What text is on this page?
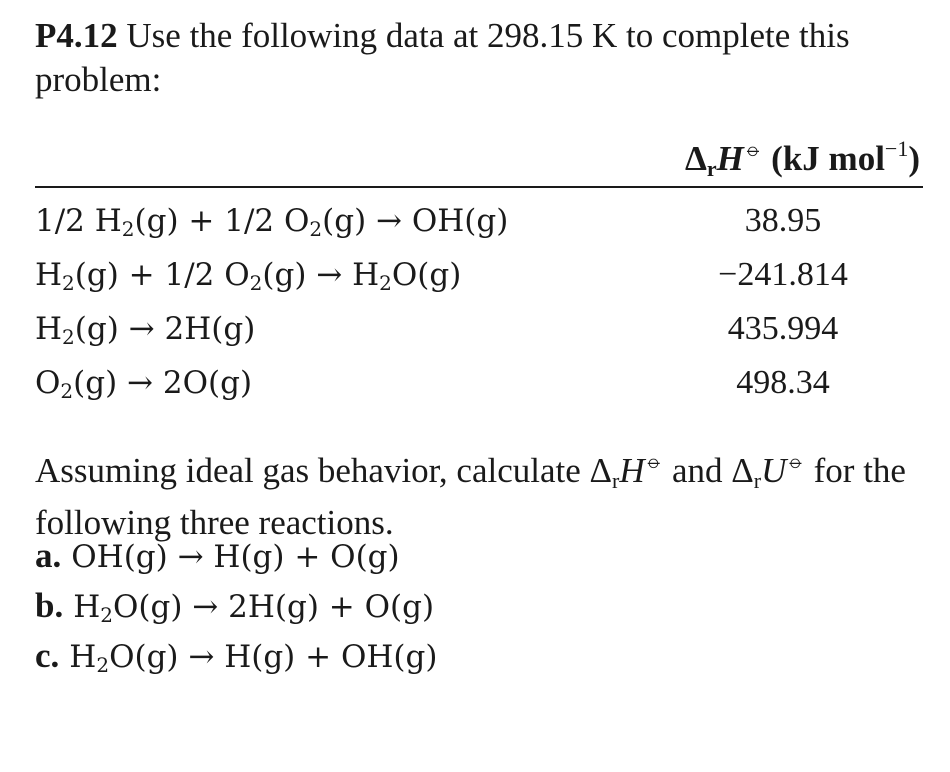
P4.12 Use the following data at 298.15 K to complete this problem:
$\Delta_rH^⦵$ (kJ mol$^{-1}$)
1/2 $H_2(g) + 1/2$ $O_2(g) \to OH(g)$	38.95
$H_2(g) + 1/2$ $O_2(g) \to H_2O(g)$	−241.814
$H_2(g) \to 2H(g)$	435.994
$O_2(g) \to 2O(g)$	498.34
Assuming ideal gas behavior, calculate $\Delta_rH^⦵$ and $\Delta_rU^⦵$ for the following three reactions.
a. OH(g) → H(g) + O(g)
b. $H_2O(g) \to 2H(g) + O(g)$
c. $H_2O(g) \to H(g) + OH(g)$
